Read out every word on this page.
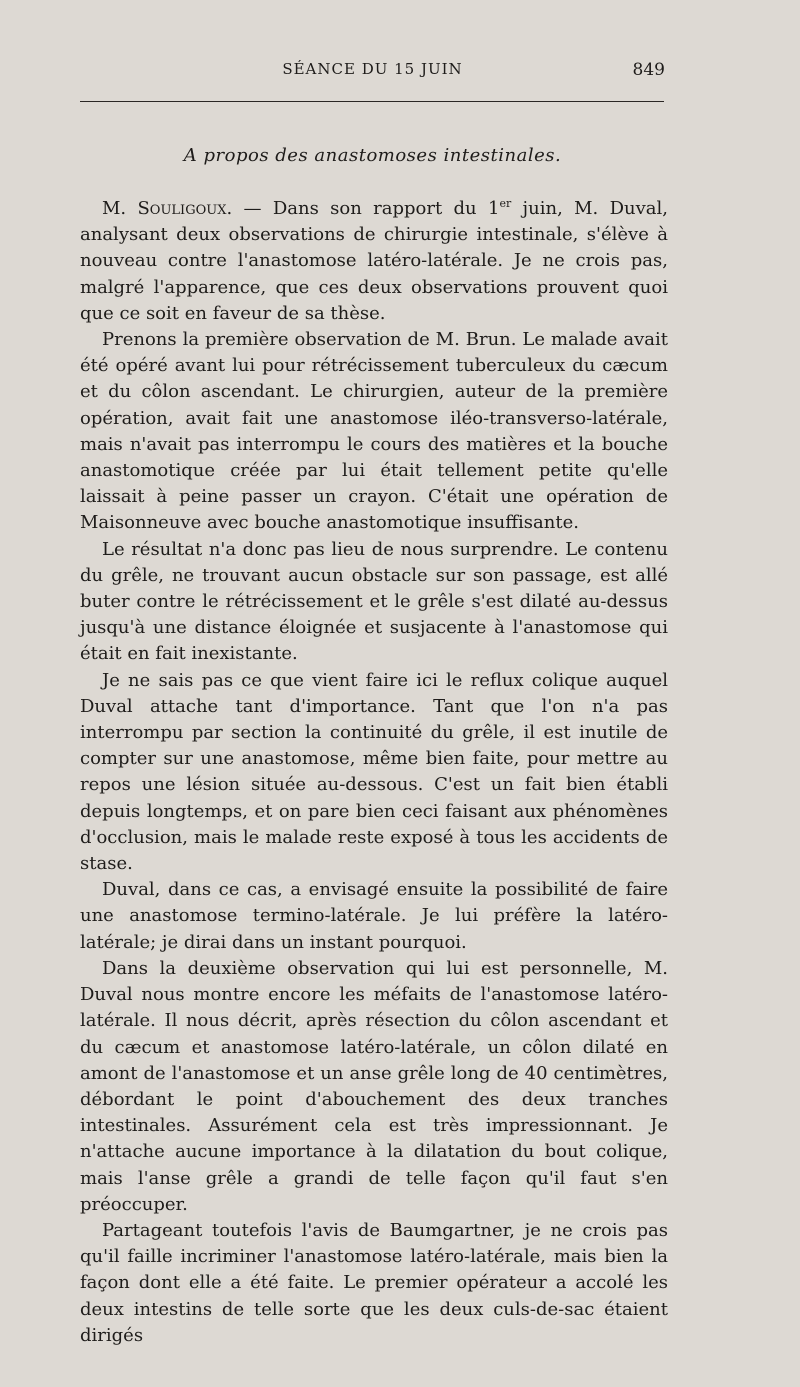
SÉANCE DU 15 JUIN	849
A propos des anastomoses intestinales.

M. Souligoux. — Dans son rapport du 1er juin, M. Duval, analysant deux observations de chirurgie intestinale, s'élève à nouveau contre l'anastomose latéro-latérale. Je ne crois pas, malgré l'apparence, que ces deux observations prouvent quoi que ce soit en faveur de sa thèse.

Prenons la première observation de M. Brun. Le malade avait été opéré avant lui pour rétrécissement tuberculeux du cæcum et du côlon ascendant. Le chirurgien, auteur de la première opération, avait fait une anastomose iléo-transverso-latérale, mais n'avait pas interrompu le cours des matières et la bouche anastomotique créée par lui était tellement petite qu'elle laissait à peine passer un crayon. C'était une opération de Maisonneuve avec bouche anastomotique insuffisante.

Le résultat n'a donc pas lieu de nous surprendre. Le contenu du grêle, ne trouvant aucun obstacle sur son passage, est allé buter contre le rétrécissement et le grêle s'est dilaté au-dessus jusqu'à une distance éloignée et susjacente à l'anastomose qui était en fait inexistante.

Je ne sais pas ce que vient faire ici le reflux colique auquel Duval attache tant d'importance. Tant que l'on n'a pas interrompu par section la continuité du grêle, il est inutile de compter sur une anastomose, même bien faite, pour mettre au repos une lésion située au-dessous. C'est un fait bien établi depuis longtemps, et on pare bien ceci faisant aux phénomènes d'occlusion, mais le malade reste exposé à tous les accidents de stase.

Duval, dans ce cas, a envisagé ensuite la possibilité de faire une anastomose termino-latérale. Je lui préfère la latéro-latérale; je dirai dans un instant pourquoi.

Dans la deuxième observation qui lui est personnelle, M. Duval nous montre encore les méfaits de l'anastomose latéro-latérale. Il nous décrit, après résection du côlon ascendant et du cæcum et anastomose latéro-latérale, un côlon dilaté en amont de l'anastomose et un anse grêle long de 40 centimètres, débordant le point d'abouchement des deux tranches intestinales. Assurément cela est très impressionnant. Je n'attache aucune importance à la dilatation du bout colique, mais l'anse grêle a grandi de telle façon qu'il faut s'en préoccuper.

Partageant toutefois l'avis de Baumgartner, je ne crois pas qu'il faille incriminer l'anastomose latéro-latérale, mais bien la façon dont elle a été faite. Le premier opérateur a accolé les deux intestins de telle sorte que les deux culs-de-sac étaient dirigés
